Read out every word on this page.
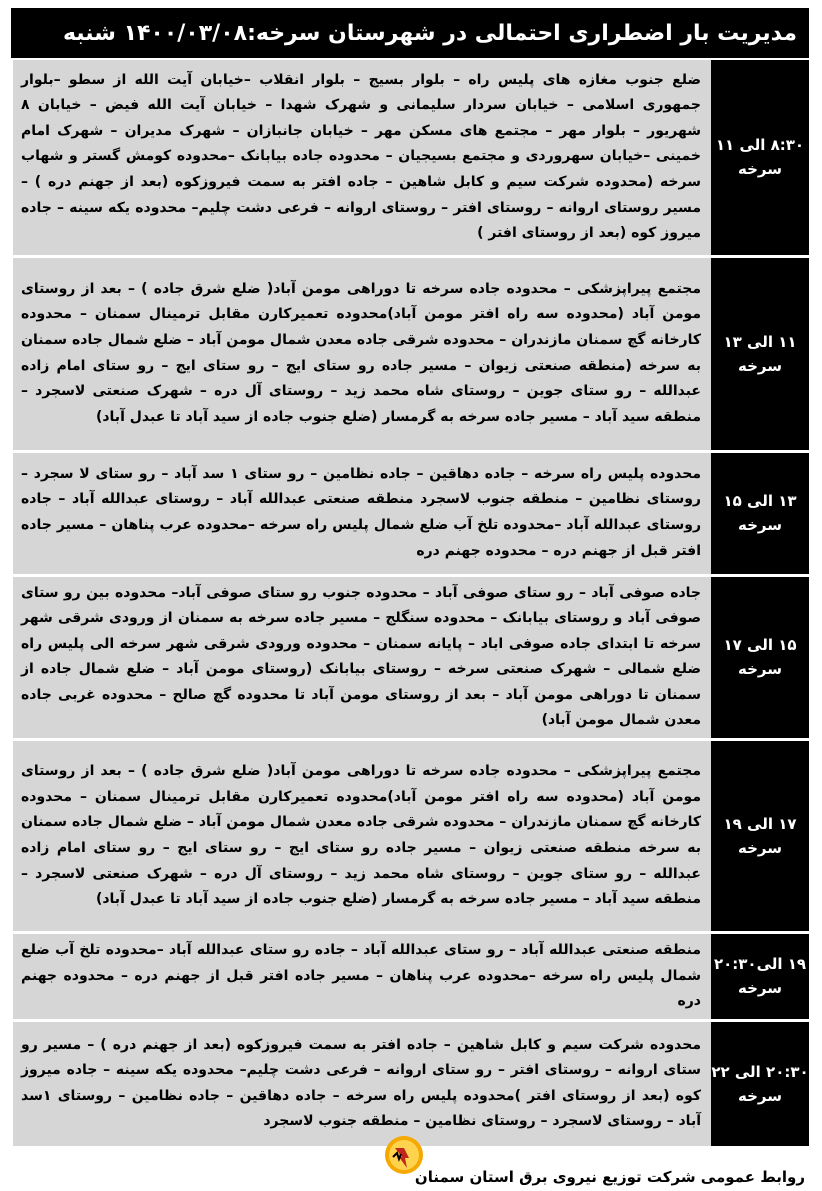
مدیریت بار اضطراری احتمالی در شهرستان سرخه:۱۴۰۰/۰۳/۰۸ شنبه
۸:۳۰ الی ۱۱
سرخه	ضلع جنوب مغازه های پلیس راه – بلوار بسیج – بلوار انقلاب –خیابان آیت الله از سطو –بلوار جمهوری اسلامی – خیابان سردار سلیمانی و شهرک شهدا – خیابان آیت الله فیض – خیابان ۸ شهریور – بلوار مهر – مجتمع های مسکن مهر – خیابان جانبازان – شهرک مدیران – شهرک امام خمینی –خیابان سهروردی و مجتمع بسیجیان – محدوده جاده بیابانک –محدوده کومش گستر و شهاب سرخه (محدوده شرکت سیم و کابل شاهین – جاده افتر به سمت فیروزکوه (بعد از جهنم دره ) – مسیر روستای اروانه – روستای افتر – روستای اروانه – فرعی دشت چلیم– محدوده یکه سینه – جاده میروز کوه (بعد از روستای افتر )

۱۱ الی ۱۳
سرخه	مجتمع پیراپزشکی – محدوده جاده سرخه تا دوراهی مومن آباد( ضلع شرق جاده ) – بعد از روستای مومن آباد (محدوده سه راه افتر مومن آباد)محدوده تعمیرکارن مقابل ترمینال سمنان – محدوده کارخانه گچ سمنان مازندران – محدوده شرقی جاده معدن شمال مومن آباد – ضلع شمال جاده سمنان به سرخه (منطقه صنعتی زیوان – مسیر جاده رو ستای ایج – رو ستای ایج – رو ستای امام زاده عبدالله – رو ستای جوین – روستای شاه محمد زید – روستای آل دره – شهرک صنعتی لاسجرد – منطقه سید آباد – مسیر جاده سرخه به گرمسار (ضلع جنوب جاده از سید آباد تا عبدل آباد)

۱۳ الی ۱۵
سرخه	محدوده پلیس راه سرخه – جاده دهاقین – جاده نظامین – رو ستای ۱ سد آباد – رو ستای لا سجرد – روستای نظامین – منطقه جنوب لاسجرد منطقه صنعتی عبدالله آباد – روستای عبدالله آباد – جاده روستای عبدالله آباد –محدوده تلخ آب ضلع شمال پلیس راه سرخه –محدوده عرب پناهان – مسیر جاده افتر قبل از جهنم دره – محدوده جهنم دره

۱۵ الی ۱۷
سرخه	جاده صوفی آباد – رو ستای صوفی آباد – محدوده جنوب رو ستای صوفی آباد– محدوده بین رو ستای صوفی آباد و روستای بیابانک – محدوده سنگلج – مسیر جاده سرخه به سمنان از ورودی شرقی شهر سرخه تا ابتدای جاده صوفی اباد – پایانه سمنان – محدوده ورودی شرقی شهر سرخه الی پلیس راه ضلع شمالی – شهرک صنعتی سرخه – روستای بیابانک (روستای مومن آباد – ضلع شمال جاده از سمنان تا دوراهی مومن آباد – بعد از روستای مومن آباد تا محدوده گچ صالح – محدوده غربی جاده معدن شمال مومن آباد)

۱۷ الی ۱۹
سرخه	مجتمع پیراپزشکی – محدوده جاده سرخه تا دوراهی مومن آباد( ضلع شرق جاده ) – بعد از روستای مومن آباد (محدوده سه راه افتر مومن آباد)محدوده تعمیرکارن مقابل ترمینال سمنان – محدوده کارخانه گچ سمنان مازندران – محدوده شرقی جاده معدن شمال مومن آباد – ضلع شمال جاده سمنان به سرخه منطقه صنعتی زیوان – مسیر جاده رو ستای ایج – رو ستای ایج – رو ستای امام زاده عبدالله – رو ستای جوین – روستای شاه محمد زید – روستای آل دره – شهرک صنعتی لاسجرد – منطقه سید آباد – مسیر جاده سرخه به گرمسار (ضلع جنوب جاده از سید آباد تا عبدل آباد)

۱۹ الی۲۰:۳۰
سرخه	منطقه صنعتی عبدالله آباد – رو ستای عبدالله آباد – جاده رو ستای عبدالله آباد –محدوده تلخ آب ضلع شمال پلیس راه سرخه –محدوده عرب پناهان – مسیر جاده افتر قبل از جهنم دره – محدوده جهنم دره

۲۰:۳۰ الی ۲۲
سرخه	محدوده شرکت سیم و کابل شاهین – جاده افتر به سمت فیروزکوه (بعد از جهنم دره ) – مسیر رو ستای اروانه – روستای افتر – رو ستای اروانه – فرعی دشت چلیم– محدوده یکه سینه – جاده میروز کوه (بعد از روستای افتر )محدوده پلیس راه سرخه – جاده دهاقین – جاده نظامین – روستای ۱سد آباد – روستای لاسجرد – روستای نظامین – منطقه جنوب لاسجرد
روابط عمومی شرکت توزیع نیروی برق استان سمنان
